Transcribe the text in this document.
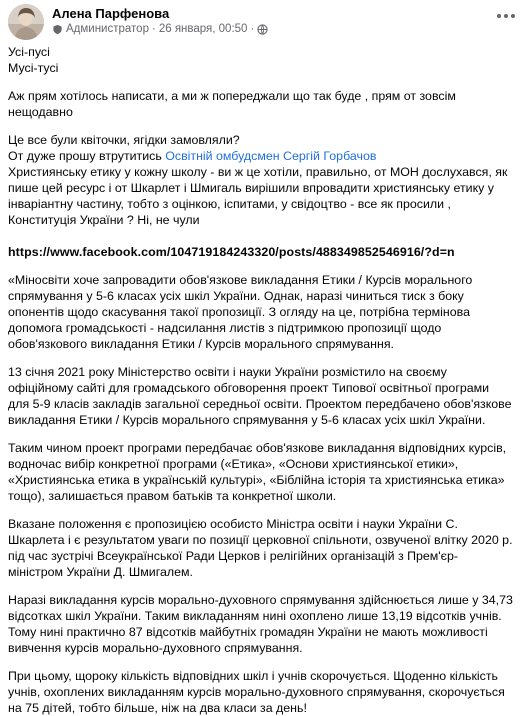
Алена Парфенова
Администратор · 26 января, 00:50 ·

Усі-пусі

Мусі-тусі

Аж прям хотілось написати, а ми ж попереджали що так буде , прям от зовсім нещодавно

Це все були квіточки, ягідки замовляли?

От дуже прошу втрутитись Освітній омбудсмен Сергій Горбачов

Християнську етику у кожну школу - ви ж це хотіли, правильно, от МОН дослухався, як пише цей ресурс і от Шкарлет і Шмигаль вирішили впровадити християнську етику у інваріантну частину, тобто з оцінкою, іспитами, у свідоцтво - все як просили , Конституція України ? Ні, не чули

https://www.facebook.com/104719184243320/posts/488349852546916/?d=n

«Міносвіти хоче запровадити обов'язкове викладання Етики / Курсів морального спрямування у 5-6 класах усіх шкіл України. Однак, наразі чиниться тиск з боку опонентів щодо скасування такої пропозиції. З огляду на це, потрібна термінова допомога громадськості - надсилання листів з підтримкою пропозиції щодо обов'язкового викладання Етики / Курсів морального спрямування.

13 січня 2021 року Міністерство освіти і науки України розмістило на своєму офіційному сайті для громадського обговорення проект Типової освітньої програми для 5-9 класів закладів загальної середньої освіти. Проектом передбачено обов'язкове викладання Етики / Курсів морального спрямування у 5-6 класах усіх шкіл України.

Таким чином проект програми передбачає обов'язкове викладання відповідних курсів, водночас вибір конкретної програми («Етика», «Основи християнської етики», «Християнська етика в українській культурі», «Біблійна історія та християнська етика» тощо), залишається правом батьків та конкретної школи.

Вказане положення є пропозицією особисто Міністра освіти і науки України С. Шкарлета і є результатом уваги по позиції церковної спільноти, озвученої влітку 2020 р. під час зустрічі Всеукраїнської Ради Церков і релігійних організацій з Прем'єр-міністром України Д. Шмигалем.

Наразі викладання курсів морально-духовного спрямування здійснюється лише у 34,73 відсотках шкіл України. Таким викладанням нині охоплено лише 13,19 відсотків учнів. Тому нині практично 87 відсотків майбутніх громадян України не мають можливості вивчення курсів морально-духовного спрямування.

При цьому, щороку кількість відповідних шкіл і учнів скорочується. Щоденно кількість учнів, охоплених викладанням курсів морально-духовного спрямування, скорочується на 75 дітей, тобто більше, ніж на два класи за день!
